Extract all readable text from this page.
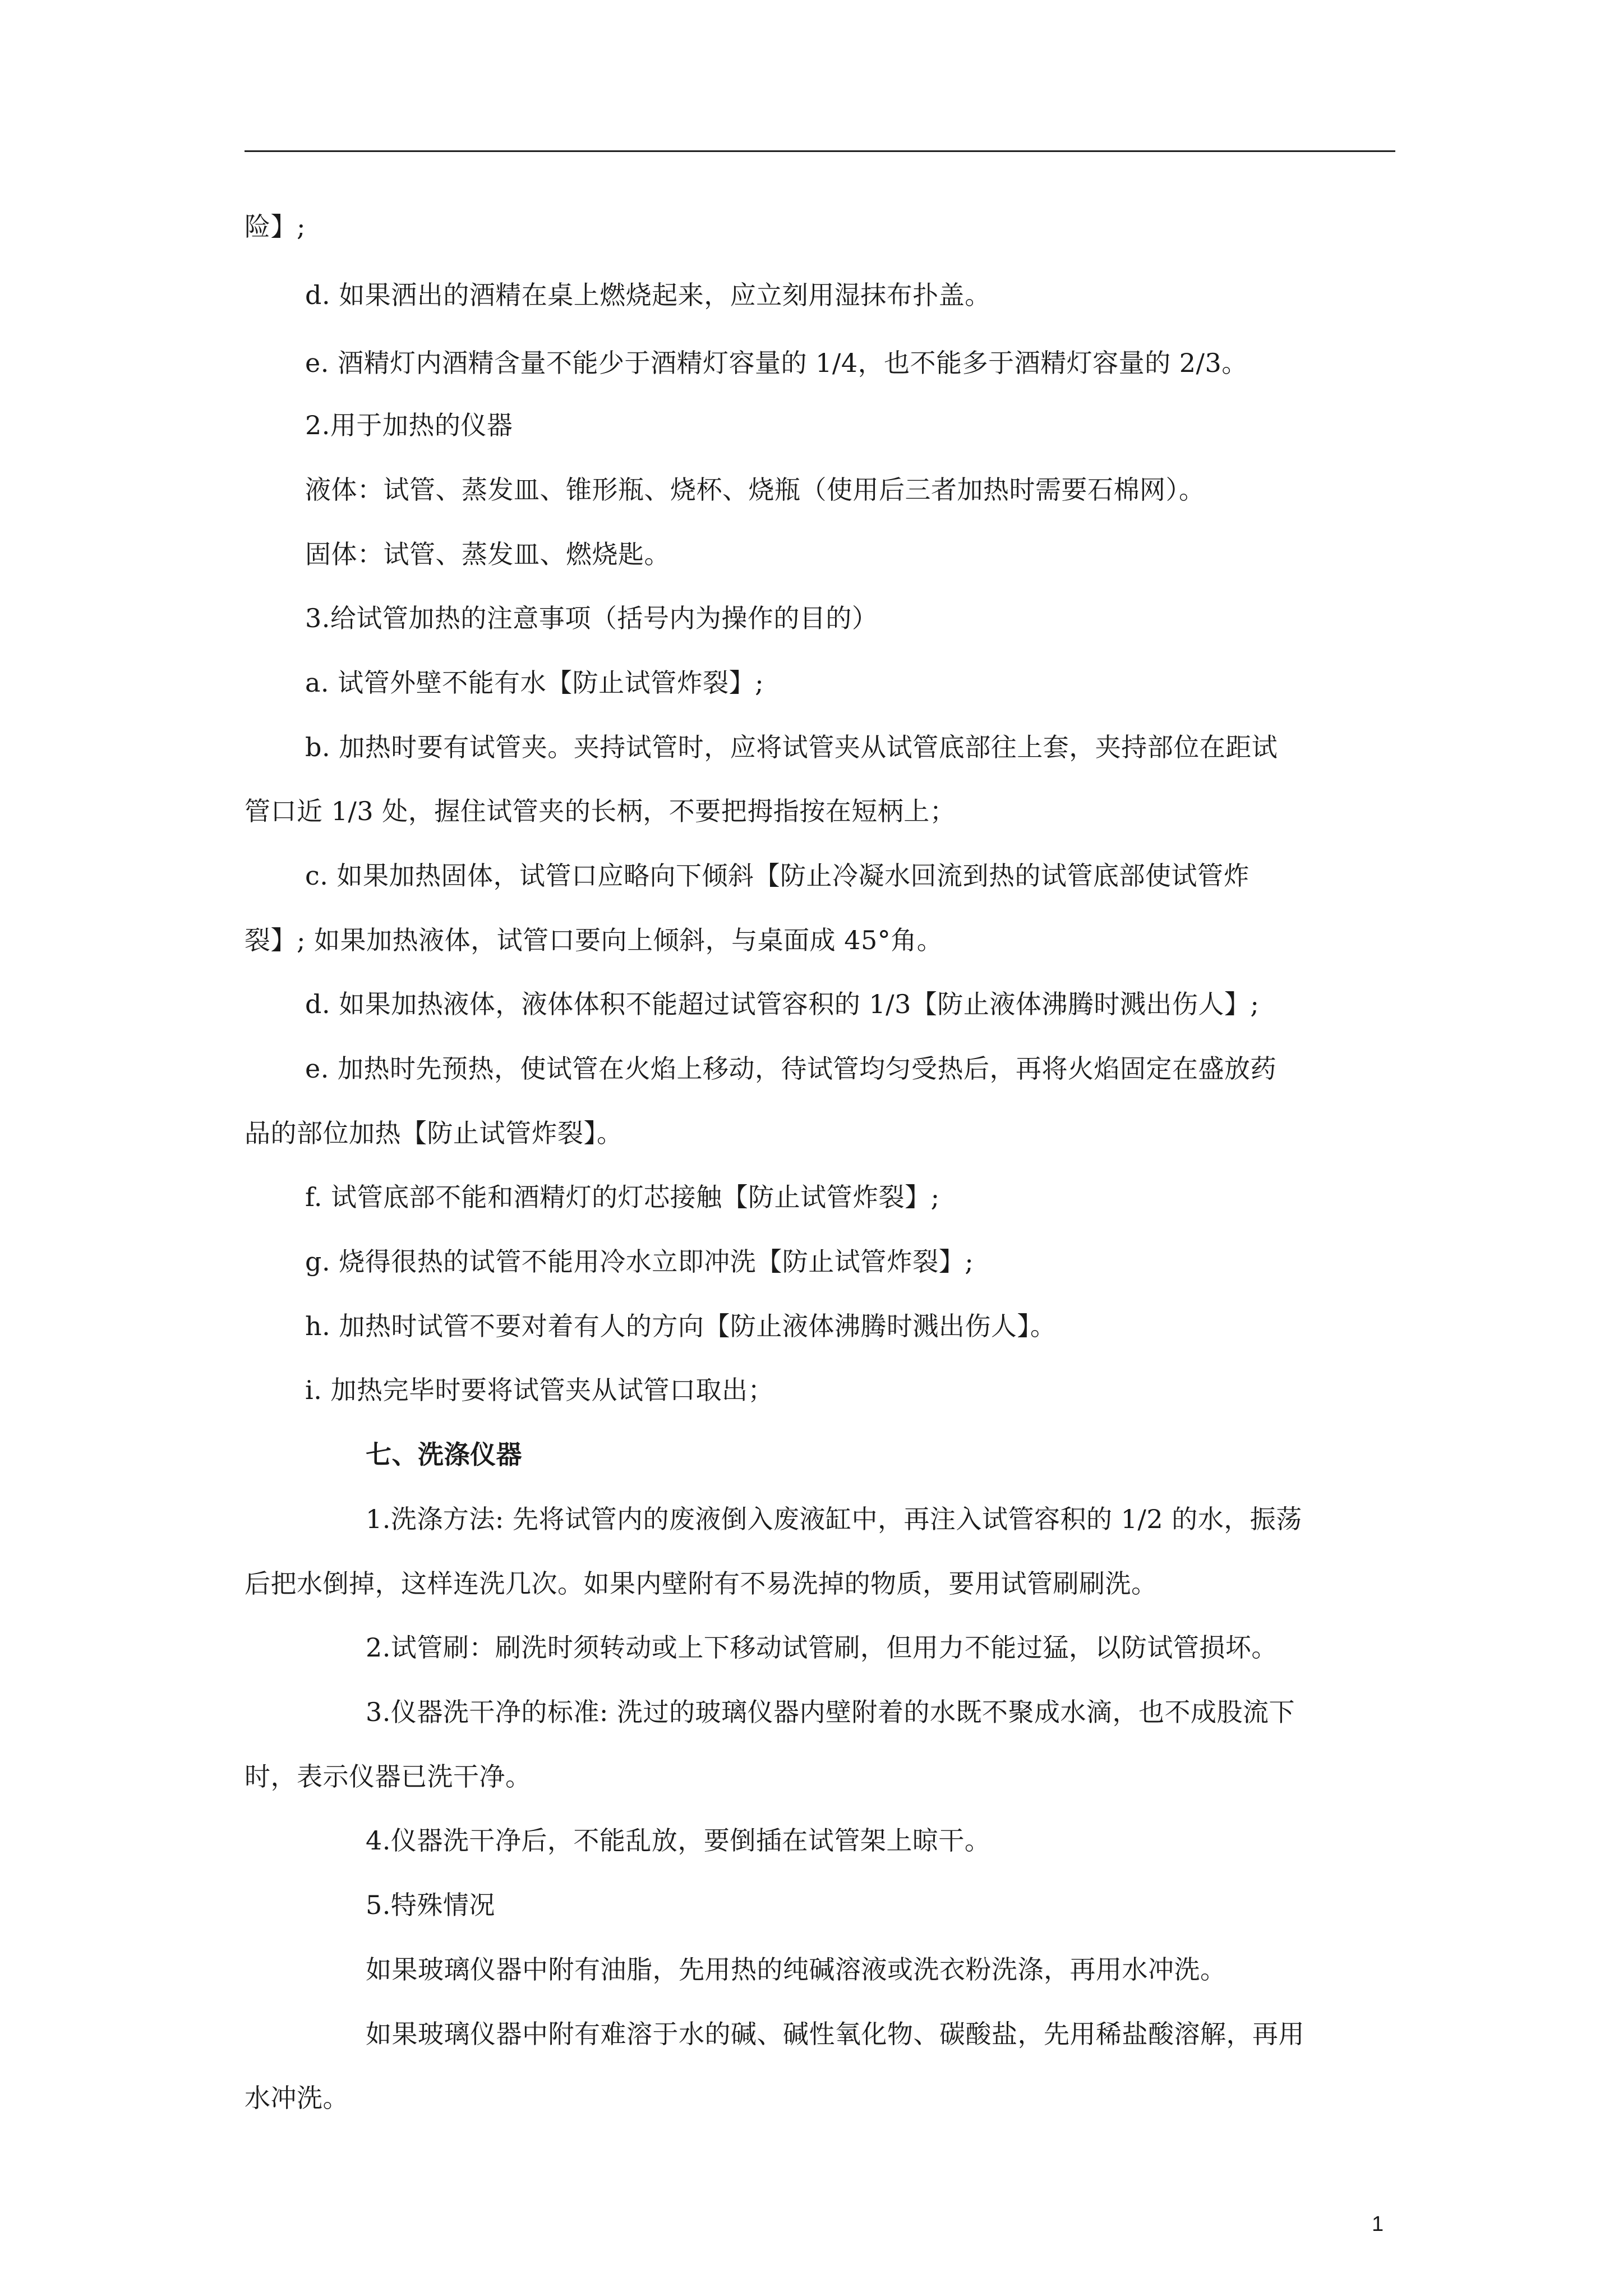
险】;
d. 如果洒出的酒精在桌上燃烧起来，应立刻用湿抹布扑盖。
e. 酒精灯内酒精含量不能少于酒精灯容量的 1/4，也不能多于酒精灯容量的 2/3。
2.用于加热的仪器
液体：试管、蒸发皿、锥形瓶、烧杯、烧瓶（使用后三者加热时需要石棉网）。
固体：试管、蒸发皿、燃烧匙。
3.给试管加热的注意事项（括号内为操作的目的）
a. 试管外壁不能有水【防止试管炸裂】;
b. 加热时要有试管夹。夹持试管时，应将试管夹从试管底部往上套，夹持部位在距试
管口近 1/3 处，握住试管夹的长柄，不要把拇指按在短柄上；
c. 如果加热固体，试管口应略向下倾斜【防止冷凝水回流到热的试管底部使试管炸
裂】; 如果加热液体，试管口要向上倾斜，与桌面成 45°角。
d. 如果加热液体，液体体积不能超过试管容积的 1/3【防止液体沸腾时溅出伤人】;
e. 加热时先预热，使试管在火焰上移动，待试管均匀受热后，再将火焰固定在盛放药
品的部位加热【防止试管炸裂】。
f. 试管底部不能和酒精灯的灯芯接触【防止试管炸裂】;
g. 烧得很热的试管不能用冷水立即冲洗【防止试管炸裂】;
h. 加热时试管不要对着有人的方向【防止液体沸腾时溅出伤人】。
i. 加热完毕时要将试管夹从试管口取出；
七、洗涤仪器
1.洗涤方法: 先将试管内的废液倒入废液缸中，再注入试管容积的 1/2 的水，振荡
后把水倒掉，这样连洗几次。如果内壁附有不易洗掉的物质，要用试管刷刷洗。
2.试管刷：刷洗时须转动或上下移动试管刷，但用力不能过猛，以防试管损坏。
3.仪器洗干净的标准: 洗过的玻璃仪器内壁附着的水既不聚成水滴，也不成股流下
时，表示仪器已洗干净。
4.仪器洗干净后，不能乱放，要倒插在试管架上晾干。
5.特殊情况
如果玻璃仪器中附有油脂，先用热的纯碱溶液或洗衣粉洗涤，再用水冲洗。
如果玻璃仪器中附有难溶于水的碱、碱性氧化物、碳酸盐，先用稀盐酸溶解，再用
水冲洗。
1
